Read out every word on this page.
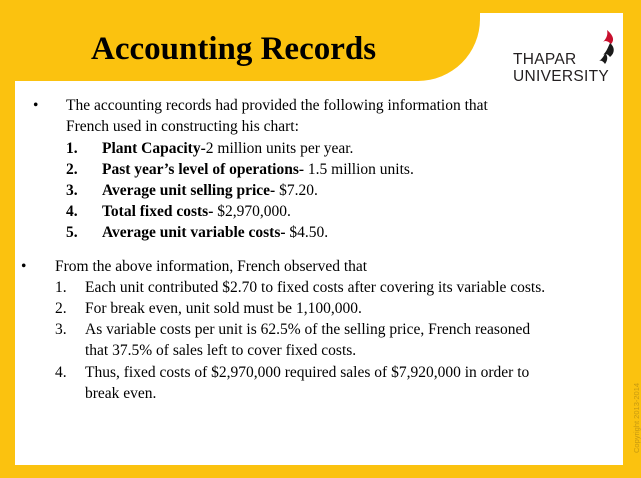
Accounting Records	THAPAR
UNIVERSITY
Copyright 2013-2014
• The accounting records had provided the following information that
French used in constructing his chart:
1. Plant Capacity-2 million units per year.
2. Past year’s level of operations- 1.5 million units.
3. Average unit selling price- $7.20.
4. Total fixed costs- $2,970,000.
5. Average unit variable costs- $4.50.
• From the above information, French observed that
1. Each unit contributed $2.70 to fixed costs after covering its variable costs.
2. For break even, unit sold must be 1,100,000.
3. As variable costs per unit is 62.5% of the selling price, French reasoned
that 37.5% of sales left to cover fixed costs.
4. Thus, fixed costs of $2,970,000 required sales of $7,920,000 in order to
break even.
